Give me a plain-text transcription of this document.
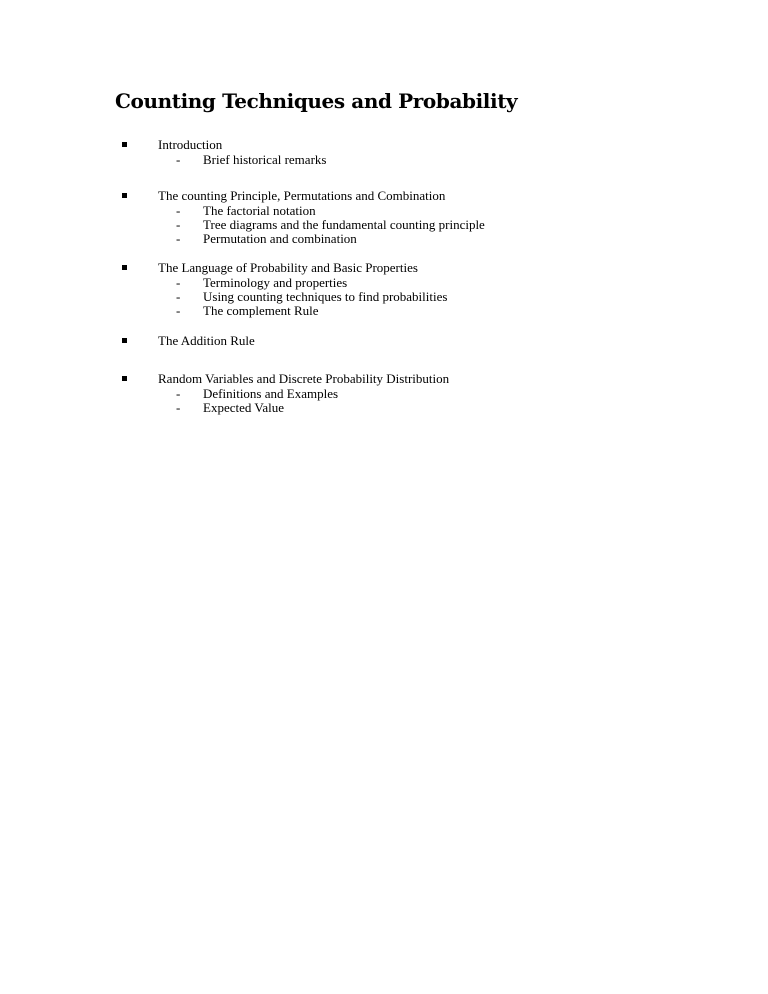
Counting Techniques and Probability
Introduction
- Brief historical remarks
The counting Principle, Permutations and Combination
- The factorial notation
- Tree diagrams and the fundamental counting principle
- Permutation and combination
The Language of Probability and Basic Properties
- Terminology and properties
- Using counting techniques to find probabilities
- The complement Rule
The Addition Rule
Random Variables and Discrete Probability Distribution
- Definitions and Examples
- Expected Value
